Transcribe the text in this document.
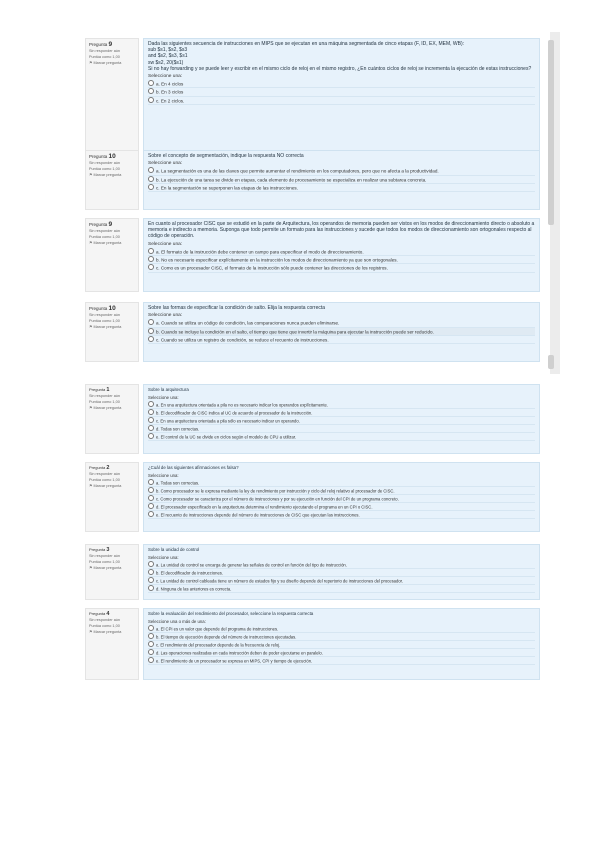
Pregunta 9
Sin responder aún
Puntúa como 1,00
⚑ Marcar pregunta
Dada las siguientes secuencia de instrucciones en MIPS que se ejecutan en una máquina segmentada de cinco etapas (F, ID, EX, MEM, WB):
sub $s1, $s2, $s3
and $s2, $s3, $s1
sw $s2, 20($s1)
Si no hay forwarding y se puede leer y escribir en el mismo ciclo de reloj en el mismo registro, ¿En cuántos ciclos de reloj se incrementa la ejecución de estas instrucciones?
Seleccione una:
a. En 4 ciclos
b. En 3 ciclos
c. En 2 ciclos.
Pregunta 10
Sin responder aún
Puntúa como 1,00
⚑ Marcar pregunta
Sobre el concepto de segmentación, indique la respuesta NO correcta
Seleccione una:
a. La segmentación es una de las claves que permite aumentar el rendimiento en los computadores, pero que no afecta a la productividad.
b. La ejecución de una tarea se divide en etapas, cada elemento de procesamiento se especializa en realizar una subtarea concreta.
c. En la segmentación se superponen las etapas de las instrucciones.
Pregunta 9
Sin responder aún
Puntúa como 1,00
⚑ Marcar pregunta
En cuanto al procesador CISC que se estudió en la parte de Arquitectura, los operandos de memoria pueden ser vistos en los modos de direccionamiento directo o absoluto a memoria e indirecto a memoria. Suponga que todo permite un formato para las instrucciones y sucede que todos los modos de direccionamiento son ortogonales respecto al código de operación.
Seleccione una:
a. El formato de la instrucción debe contener un campo para especificar el modo de direccionamiento.
b. No es necesario especificar explícitamente en la instrucción los modos de direccionamiento ya que son ortogonales.
c. Como es un procesador CISC, el formato de la instrucción sólo puede contener las direcciones de los registros.
Pregunta 10
Sin responder aún
Puntúa como 1,00
⚑ Marcar pregunta
Sobre las formas de especificar la condición de salto. Elija la respuesta correcta
Seleccione una:
a. Cuando se utiliza un código de condición, las comparaciones nunca pueden eliminarse.
b. Cuando se incluye la condición en el salto, el tiempo que tiene que invertir la máquina para ejecutar la instrucción puede ser reducido.
c. Cuando se utiliza un registro de condición, se reduce el recuento de instrucciones.
Pregunta 1
Sin responder aún
Puntúa como 1,00
⚑ Marcar pregunta
Sobre la arquitectura
Seleccione una:
a. En una arquitectura orientada a pila no es necesario indicar los operandos explícitamente.
b. El decodificador de CISC indica al UC de acuerdo al procesador de la instrucción.
c. En una arquitectura orientada a pila sólo es necesario indicar un operando.
d. Todas son correctas.
e. El control de la UC se divide en ciclos según el modelo de CPU a utilizar.
Pregunta 2
Sin responder aún
Puntúa como 1,00
⚑ Marcar pregunta
¿Cuál de las siguientes afirmaciones es falsa?
Seleccione una:
a. Todas son correctas.
b. Como procesador se le expresa mediante la ley de rendimiento por instrucción y ciclo del reloj relativo al procesador de CISC.
c. Como procesador se caracteriza por el número de instrucciones y por su ejecución en función del CPI de un programa concreto.
d. El procesador especificado en la arquitectura determina el rendimiento ejecutando el programa en un CPI o CISC.
e. El recuento de instrucciones depende del número de instrucciones de CISC que ejecutan las instrucciones.
Pregunta 3
Sin responder aún
Puntúa como 1,00
⚑ Marcar pregunta
Sobre la unidad de control
Seleccione una:
a. La unidad de control se encarga de generar las señales de control en función del tipo de instrucción.
b. El decodificador de instrucciones.
c. La unidad de control cableada tiene un número de estados fijo y su diseño depende del repertorio de instrucciones del procesador.
d. Ninguna de las anteriores es correcta.
Pregunta 4
Sin responder aún
Puntúa como 1,00
⚑ Marcar pregunta
Sobre la evaluación del rendimiento del procesador, seleccione la respuesta correcta
Seleccione una o más de una:
a. El CPI es un valor que depende del programa de instrucciones.
b. El tiempo de ejecución depende del número de instrucciones ejecutadas.
c. El rendimiento del procesador depende de la frecuencia de reloj.
d. Las operaciones realizadas en cada instrucción deben de poder ejecutarse en paralelo.
e. El rendimiento de un procesador se expresa en MIPS, CPI y tiempo de ejecución.
